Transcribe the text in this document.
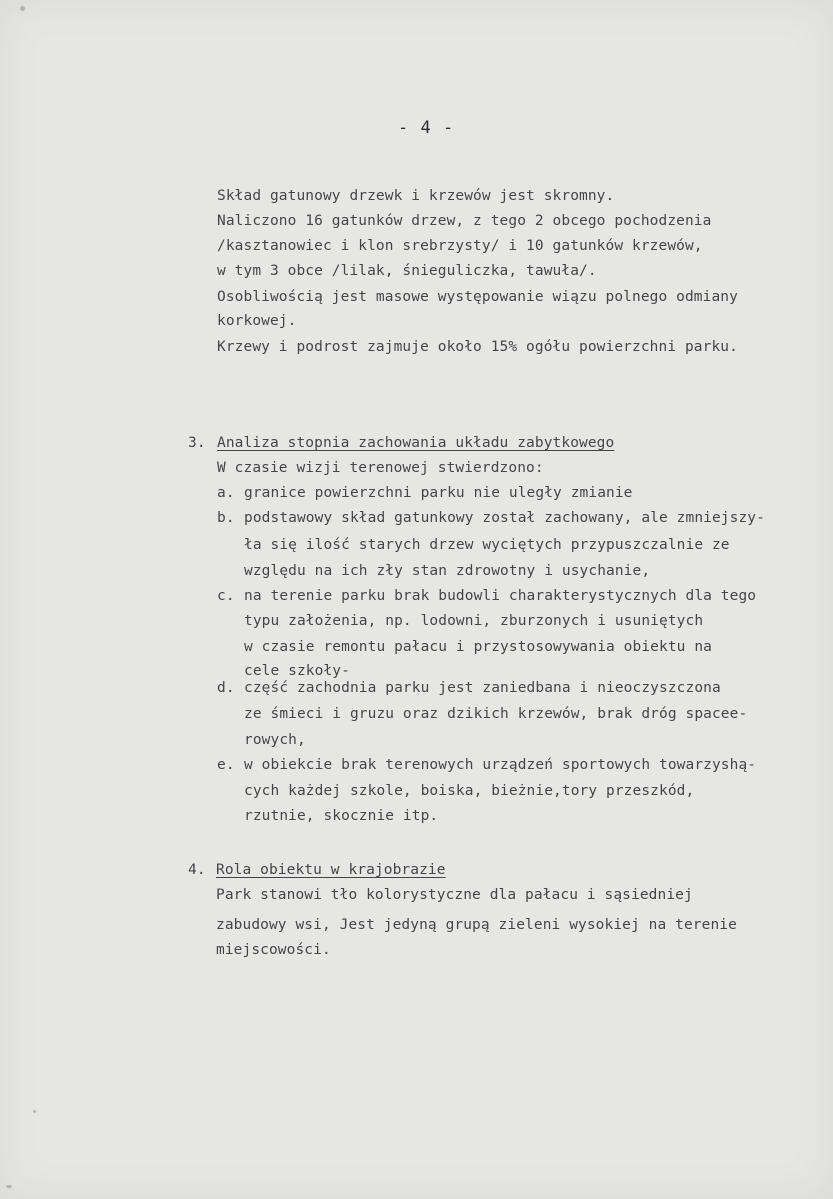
- 4 -
Skład gatunowy drzewk i krzewów jest skromny.
Naliczono 16 gatunków drzew, z tego 2 obcego pochodzenia
/kasztanowiec i klon srebrzysty/ i 10 gatunków krzewów,
w tym 3 obce /lilak, śnieguliczka, tawuła/.
Osobliwością jest masowe występowanie wiązu polnego odmiany
korkowej.
Krzewy i podrost zajmuje około 15% ogółu powierzchni parku.
3. Analiza stopnia zachowania układu zabytkowego
W czasie wizji terenowej stwierdzono:
a. granice powierzchni parku nie uległy zmianie
b. podstawowy skład gatunkowy został zachowany, ale zmniejszy-
ła się ilość starych drzew wyciętych przypuszczalnie ze
względu na ich zły stan zdrowotny i usychanie,
c. na terenie parku brak budowli charakterystycznych dla tego
typu założenia, np. lodowni, zburzonych i usuniętych
w czasie remontu pałacu i przystosowywania obiektu na
cele szkoły-
d. część zachodnia parku jest zaniedbana i nieoczyszczona
ze śmieci i gruzu oraz dzikich krzewów, brak dróg spacee-
rowych,
e. w obiekcie brak terenowych urządzeń sportowych towarzyshą-
cych każdej szkole, boiska, bieżnie,tory przeszkód,
rzutnie, skocznie itp.
4. Rola obiektu w krajobrazie
Park stanowi tło kolorystyczne dla pałacu i sąsiedniej
zabudowy wsi, Jest jedyną grupą zieleni wysokiej na terenie
miejscowości.
